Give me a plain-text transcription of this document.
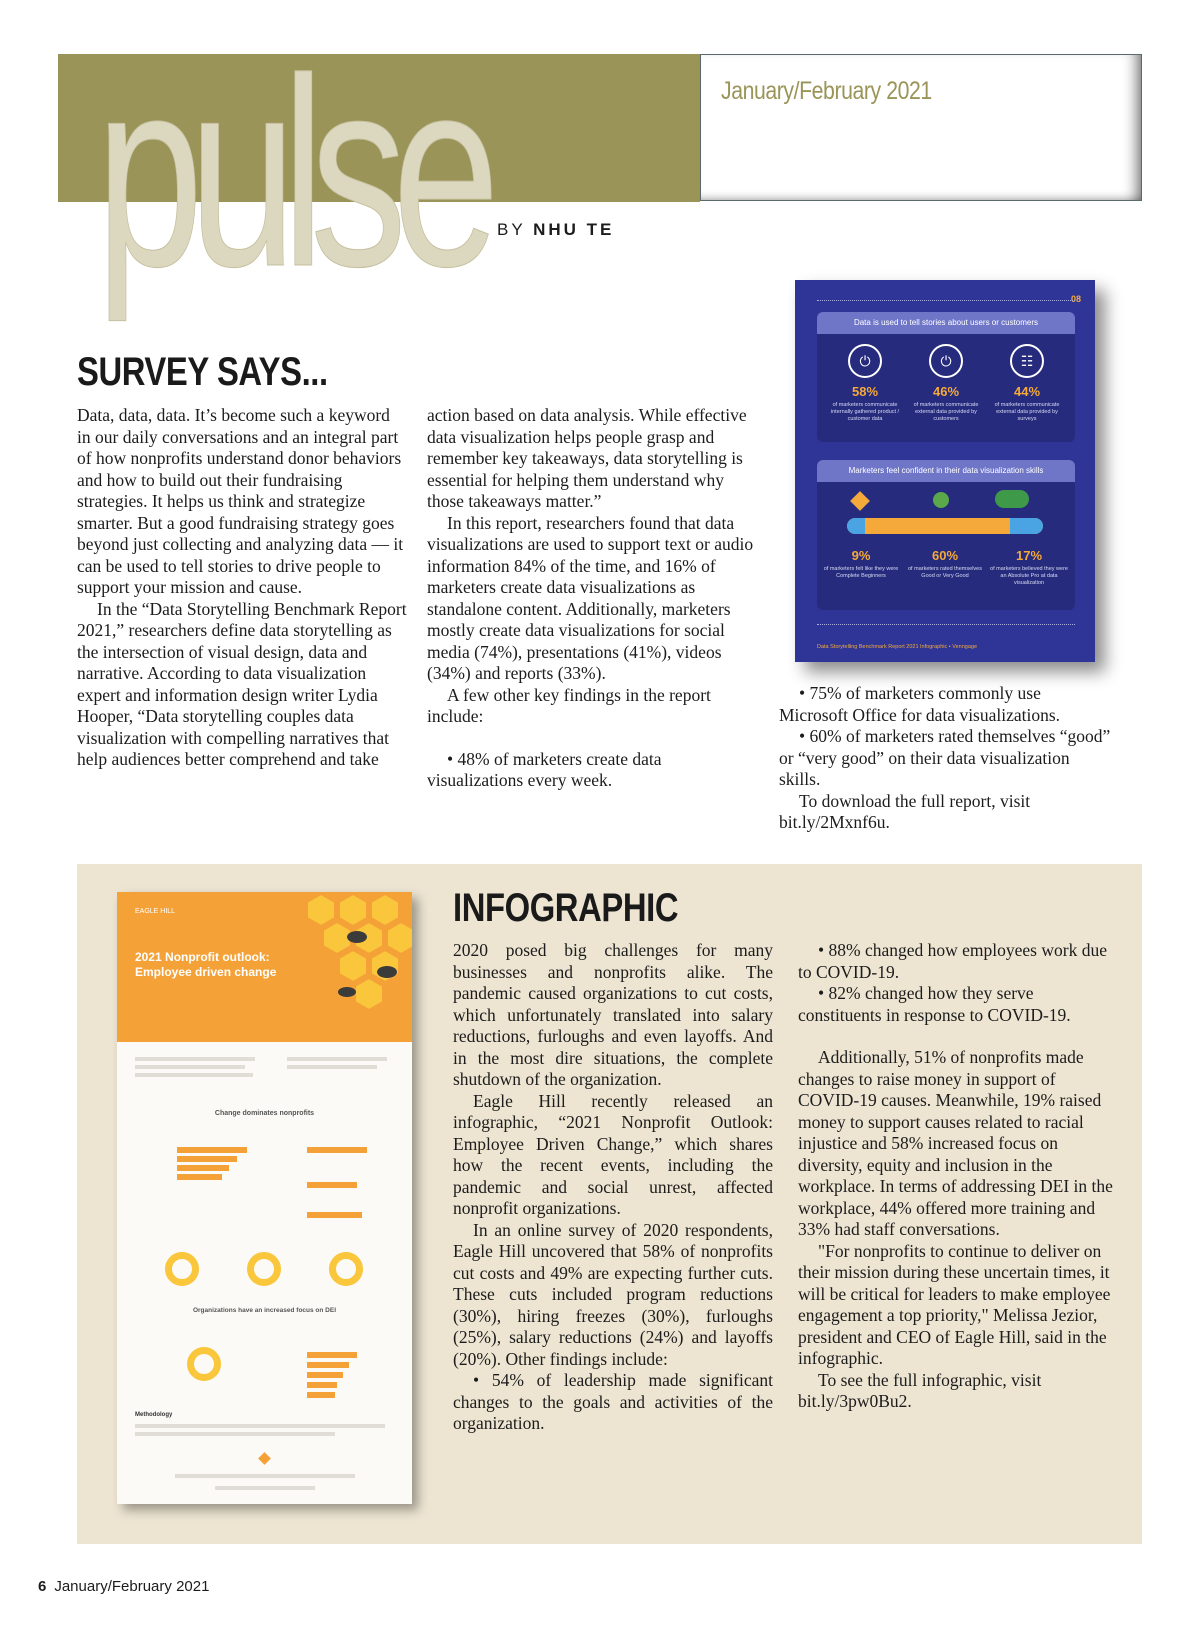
pulse	January/February 2021
BY NHU TE
SURVEY SAYS...

Data, data, data. It’s become such a keyword in our daily conversations and an integral part of how nonprofits understand donor behaviors and how to build out their fundraising strategies. It helps us think and strategize smarter. But a good fundraising strategy goes beyond just collecting and analyzing data — it can be used to tell stories to drive people to support your mission and cause.

In the “Data Storytelling Benchmark Report 2021,” researchers define data storytelling as the intersection of visual design, data and narrative. According to data visualization expert and information design writer Lydia Hooper, “Data storytelling couples data visualization with compelling narratives that help audiences better comprehend and take

action based on data analysis. While effective data visualization helps people grasp and remember key takeaways, data storytelling is essential for helping them understand why those takeaways matter.”

In this report, researchers found that data visualizations are used to support text or audio information 84% of the time, and 16% of marketers create data visualizations as standalone content. Additionally, marketers mostly create data visualizations for social media (74%), presentations (41%), videos (34%) and reports (33%).

A few other key findings in the report include:

• 48% of marketers create data visualizations every week.

• 75% of marketers commonly use Microsoft Office for data visualizations.

• 60% of marketers rated themselves “good” or “very good” on their data visualization skills.

To download the full report, visit bit.ly/2Mxnf6u.

08
Data is used to tell stories about users or customers
⏻
58%
of marketers communicate internally gathered product / customer data
⏻
46%
of marketers communicate external data provided by customers
☷
44%
of marketers communicate external data provided by surveys
Marketers feel confident in their data visualization skills
9%
of marketers felt like they were Complete Beginners
60%
of marketers rated themselves Good or Very Good
17%
of marketers believed they were an Absolute Pro at data visualization
Data Storytelling Benchmark Report 2021 Infographic • Venngage
EAGLE HILL
2021 Nonprofit outlook:
Employee driven change
Change dominates nonprofits
Organizations have an increased focus on DEI
Methodology
INFOGRAPHIC

2020 posed big challenges for many businesses and nonprofits alike. The pandemic caused organizations to cut costs, which unfortunately translated into salary reductions, furloughs and even layoffs. And in the most dire situations, the complete shutdown of the organization.

Eagle Hill recently released an infographic, “2021 Nonprofit Outlook: Employee Driven Change,” which shares how the recent events, including the pandemic and social unrest, affected nonprofit organizations.

In an online survey of 2020 respondents, Eagle Hill uncovered that 58% of nonprofits cut costs and 49% are expecting further cuts. These cuts included program reductions (30%), hiring freezes (30%), furloughs (25%), salary reductions (24%) and layoffs (20%). Other findings include:

• 54% of leadership made significant changes to the goals and activities of the organization.

• 88% changed how employees work due to COVID-19.

• 82% changed how they serve constituents in response to COVID-19.

Additionally, 51% of nonprofits made changes to raise money in support of COVID-19 causes. Meanwhile, 19% raised money to support causes related to racial injustice and 58% increased focus on diversity, equity and inclusion in the workplace. In terms of addressing DEI in the workplace, 44% offered more training and 33% had staff conversations.

"For nonprofits to continue to deliver on their mission during these uncertain times, it will be critical for leaders to make employee engagement a top priority," Melissa Jezior, president and CEO of Eagle Hill, said in the infographic.

To see the full infographic, visit bit.ly/3pw0Bu2.

6 January/February 2021
